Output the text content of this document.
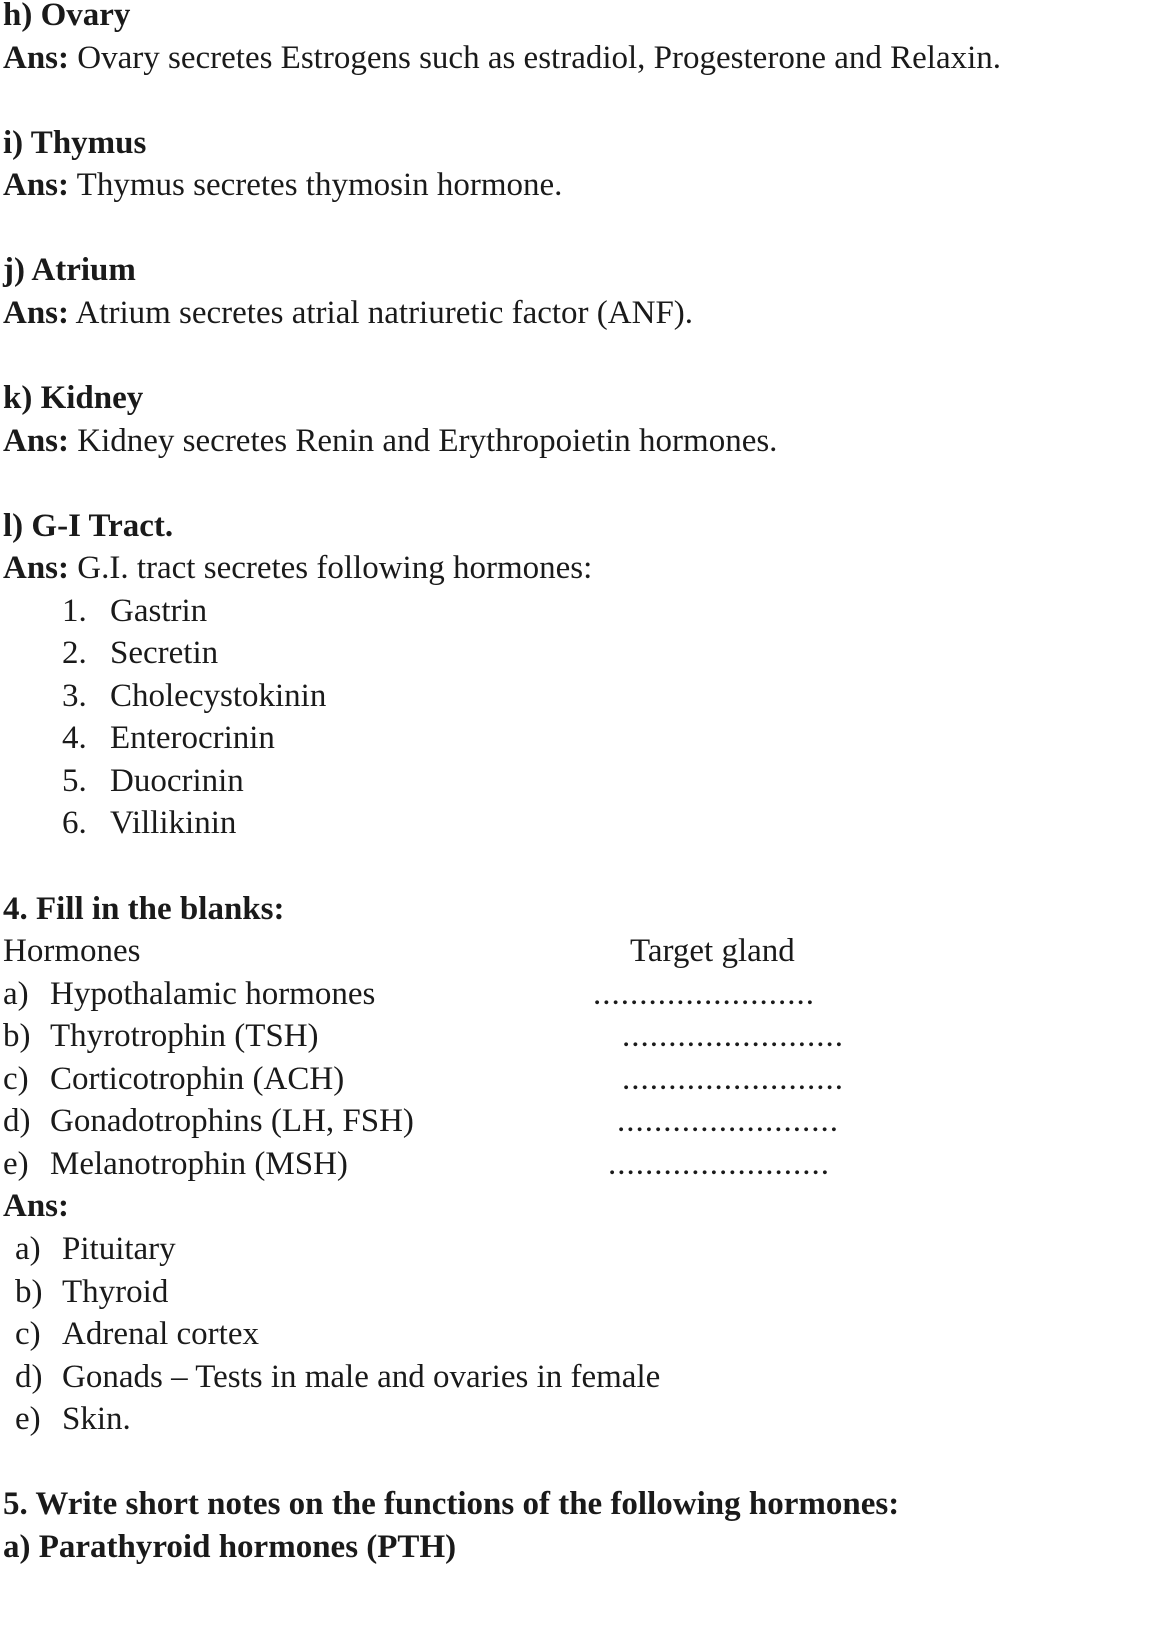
h) Ovary
Ans: Ovary secretes Estrogens such as estradiol, Progesterone and Relaxin.
i) Thymus
Ans: Thymus secretes thymosin hormone.
j) Atrium
Ans: Atrium secretes atrial natriuretic factor (ANF).
k) Kidney
Ans: Kidney secretes Renin and Erythropoietin hormones.
l) G-I Tract.
Ans: G.I. tract secretes following hormones:
1. Gastrin
2. Secretin
3. Cholecystokinin
4. Enterocrinin
5. Duocrinin
6. Villikinin
4. Fill in the blanks:
Hormones	Target gland
a) Hypothalamic hormones	........................
b) Thyrotrophin (TSH)	........................
c) Corticotrophin (ACH)	........................
d) Gonadotrophins (LH, FSH)	........................
e) Melanotrophin (MSH)	........................
Ans:
a) Pituitary
b) Thyroid
c) Adrenal cortex
d) Gonads – Tests in male and ovaries in female
e) Skin.
5. Write short notes on the functions of the following hormones:
a) Parathyroid hormones (PTH)
